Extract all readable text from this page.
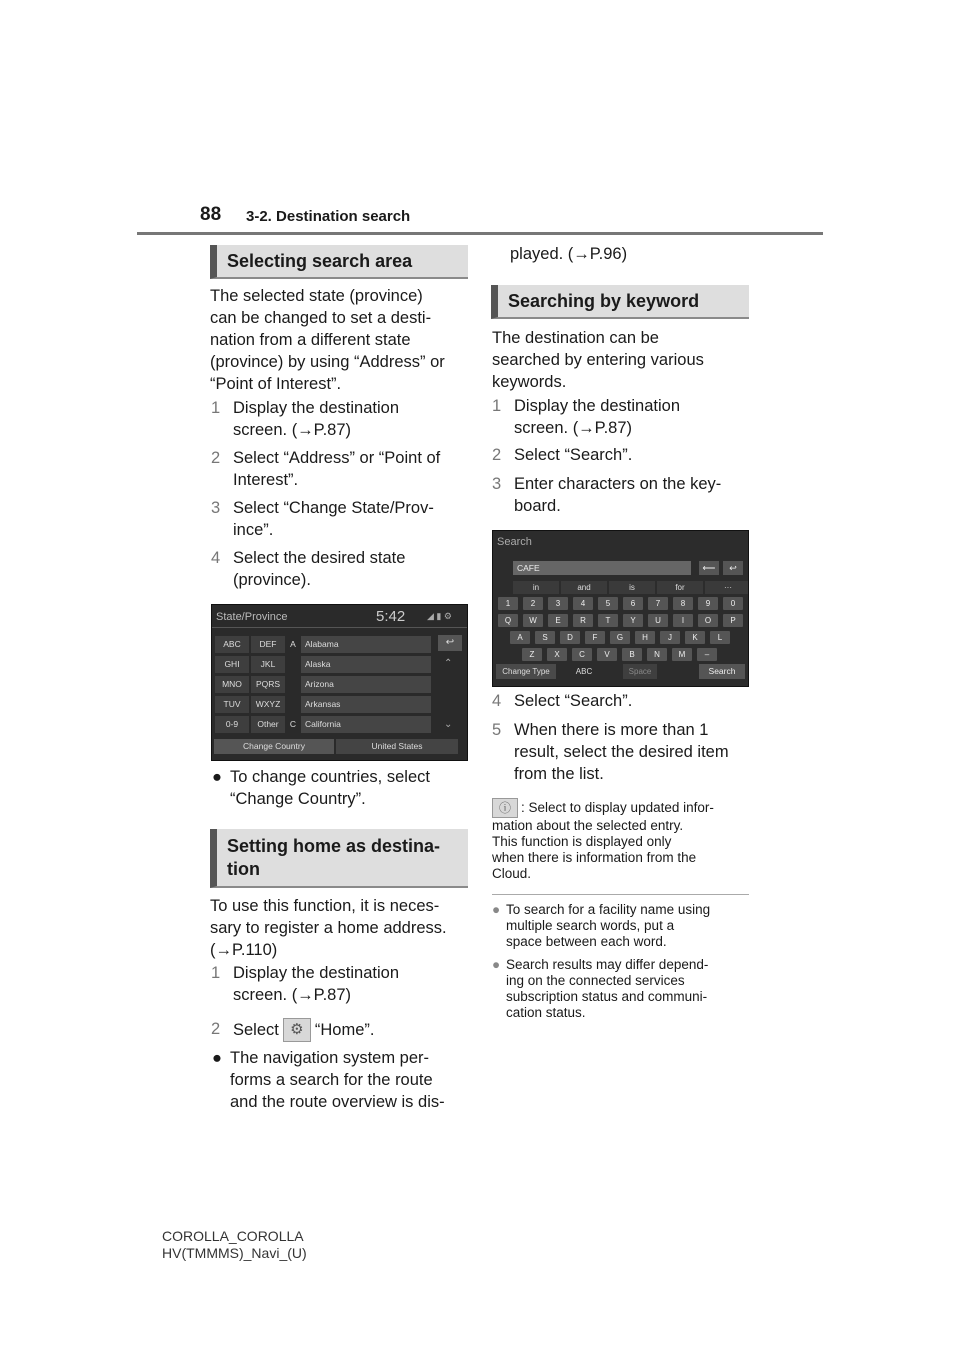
88 3-2. Destination search
Selecting search area
The selected state (province)
can be changed to set a desti-
nation from a different state
(province) by using “Address” or
“Point of Interest”.
1 Display the destination
screen. (→P.87)
2 Select “Address” or “Point of
Interest”.
3 Select “Change State/Prov-
ince”.
4 Select the desired state
(province).
State/Province	5:42 ◢ ▮ ⚙
ABC	DEF	A	Alabama
GHI	JKL	Alaska
MNO	PQRS	Arizona
TUV	WXYZ	Arkansas
0-9	Other	C	California
↩
⌃
⌄
Change Country	United States
● To change countries, select
“Change Country”.
Setting home as destina-
tion
To use this function, it is neces-
sary to register a home address.
(→P.110)
1 Display the destination
screen. (→P.87)
2 Select ⚙ “Home”.
● The navigation system per-
forms a search for the route
and the route overview is dis-
played. (→P.96)
Searching by keyword
The destination can be
searched by entering various
keywords.
1 Display the destination
screen. (→P.87)
2 Select “Search”.
3 Enter characters on the key-
board.
Search
CAFE	⟵	↩
in	and	is	for	···
1	2	3	4	5	6	7	8	9	0
Q	W	E	R	T	Y	U	I	O	P
A	S	D	F	G	H	J	K	L
Z	X	C	V	B	N	M	–
Change Type	ABC	Space	Search
4 Select “Search”.
5 When there is more than 1
result, select the desired item
from the list.
ⓘ : Select to display updated infor-
mation about the selected entry.
This function is displayed only
when there is information from the
Cloud.
● To search for a facility name using
multiple search words, put a
space between each word.
● Search results may differ depend-
ing on the connected services
subscription status and communi-
cation status.
COROLLA_COROLLA
HV(TMMMS)_Navi_(U)
